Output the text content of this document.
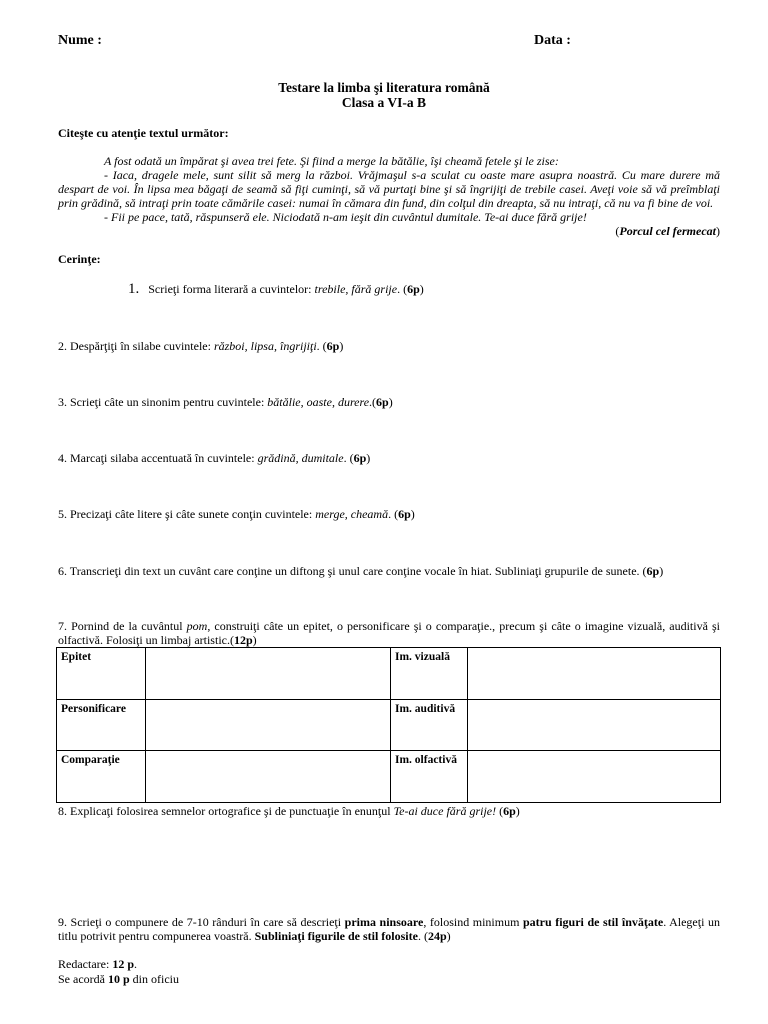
Nume :	Data :
Testare la limba şi literatura română
Clasa a VI-a B
Citeşte cu atenţie textul următor:

A fost odată un împărat şi avea trei fete. Şi fiind a merge la bătălie, îşi cheamă fetele şi le zise:

- Iaca, dragele mele, sunt silit să merg la război. Vrăjmaşul s-a sculat cu oaste mare asupra noastră. Cu mare durere mă despart de voi. În lipsa mea băgaţi de seamă să fiţi cuminţi, să vă purtaţi bine şi să îngrijiţi de trebile casei. Aveţi voie să vă preîmblaţi prin grădină, să intraţi prin toate cămările casei: numai în cămara din fund, din colţul din dreapta, să nu intraţi, că nu va fi bine de voi.

- Fii pe pace, tată, răspunseră ele. Niciodată n-am ieşit din cuvântul dumitale. Te-ai duce fără grije!

(Porcul cel fermecat)

Cerinţe:
1. Scrieţi forma literară a cuvintelor: trebile, fără grije. (6p)
2. Despărţiţi în silabe cuvintele: război, lipsa, îngrijiţi. (6p)
3. Scrieţi câte un sinonim pentru cuvintele: bătălie, oaste, durere.(6p)
4. Marcaţi silaba accentuată în cuvintele: grădină, dumitale. (6p)
5. Precizaţi câte litere şi câte sunete conţin cuvintele: merge, cheamă. (6p)
6. Transcrieţi din text un cuvânt care conţine un diftong şi unul care conţine vocale în hiat. Subliniaţi grupurile de sunete. (6p)
7. Pornind de la cuvântul pom, construiţi câte un epitet, o personificare şi o comparaţie., precum şi câte o imagine vizuală, auditivă şi olfactivă. Folosiţi un limbaj artistic.(12p)
Epitet		Im. vizuală	
Personificare		Im. auditivă	
Comparaţie		Im. olfactivă	
8. Explicaţi folosirea semnelor ortografice şi de punctuaţie în enunţul Te-ai duce fără grije! (6p)
9. Scrieţi o compunere de 7-10 rânduri în care să descrieţi prima ninsoare, folosind minimum patru figuri de stil învăţate. Alegeţi un titlu potrivit pentru compunerea voastră. Subliniaţi figurile de stil folosite. (24p)
Redactare: 12 p.
Se acordă 10 p din oficiu
